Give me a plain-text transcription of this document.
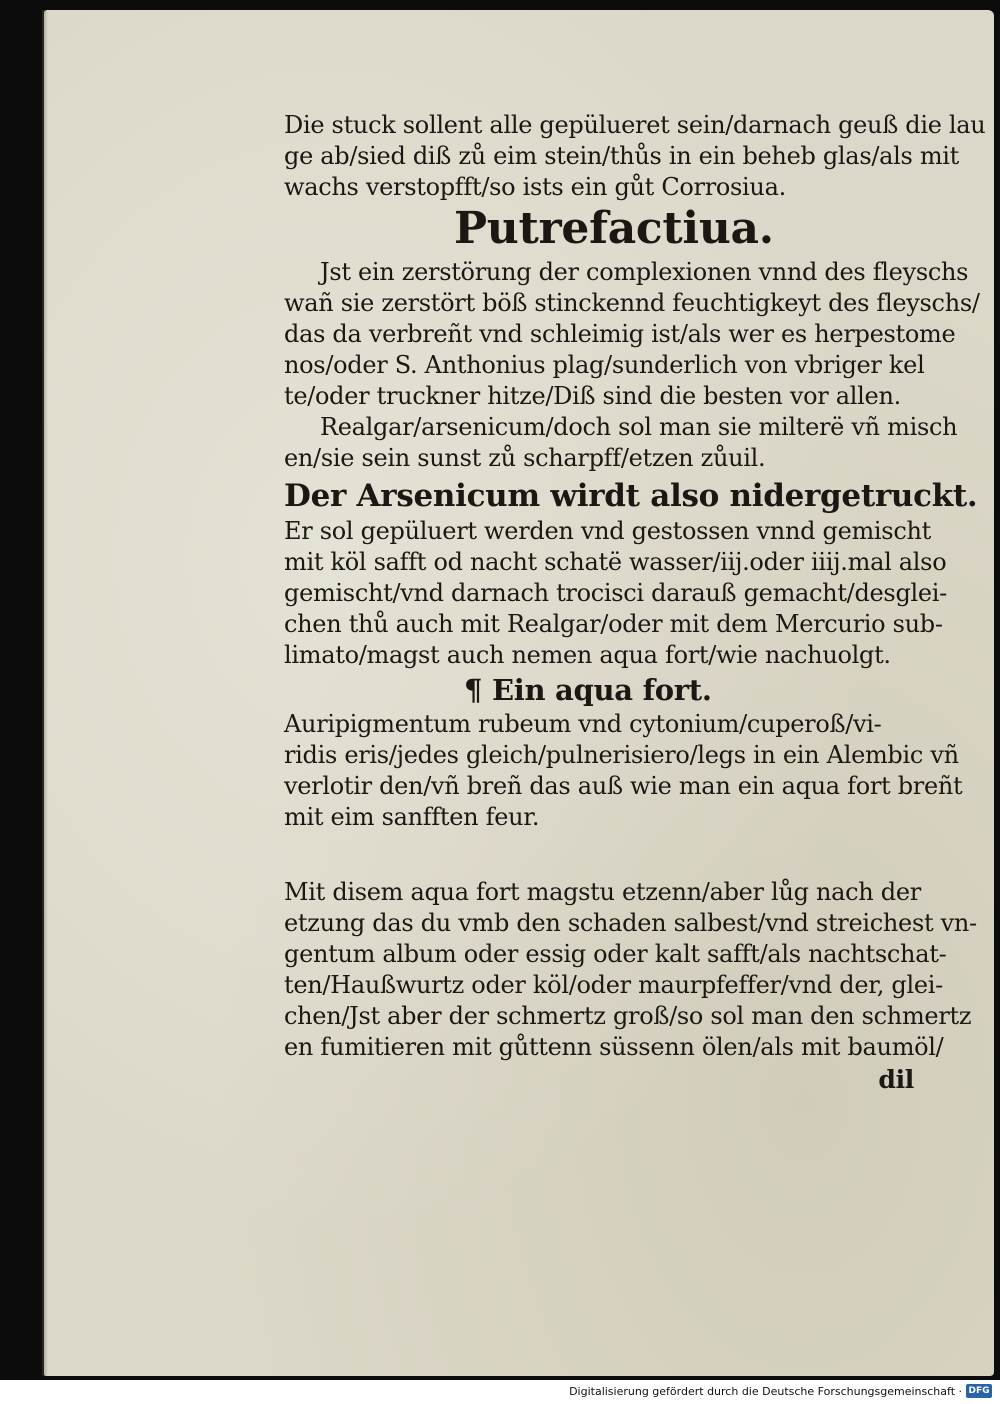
Die stuck sollent alle gepülueret sein/darnach geuß die lau

ge ab/sied diß zů eim stein/thůs in ein beheb glas/als mit

wachs verstopfft/so ists ein gůt Corrosiua.

Putrefactiua.

Jst ein zerstörung der complexionen vnnd des fleyschs

wañ sie zerstört böß stinckennd feuchtigkeyt des fleyschs/

das da verbreñt vnd schleimig ist/als wer es herpestome

nos/oder S. Anthonius plag/sunderlich von vbriger kel

te/oder truckner hitze/Diß sind die besten vor allen.

Realgar/arsenicum/doch sol man sie milterë vñ misch

en/sie sein sunst zů scharpff/etzen zůuil.

Der Arsenicum wirdt also nidergetruckt.

Er sol gepüluert werden vnd gestossen vnnd gemischt

mit köl safft od nacht schatë wasser/iij.oder iiij.mal also

gemischt/vnd darnach trocisci darauß gemacht/desglei-

chen thů auch mit Realgar/oder mit dem Mercurio sub-

limato/magst auch nemen aqua fort/wie nachuolgt.

¶ Ein aqua fort.

Auripigmentum rubeum vnd cytonium/cuperoß/vi-

ridis eris/jedes gleich/pulnerisiero/legs in ein Alembic vñ

verlotir den/vñ breñ das auß wie man ein aqua fort breñt

mit eim sanfften feur.

Mit disem aqua fort magstu etzenn/aber lůg nach der

etzung das du vmb den schaden salbest/vnd streichest vn-

gentum album oder essig oder kalt safft/als nachtschat-

ten/Haußwurtz oder köl/oder maurpfeffer/vnd der, glei-

chen/Jst aber der schmertz groß/so sol man den schmertz

en fumitieren mit gůttenn süssenn ölen/als mit baumöl/

dil

Digitalisierung gefördert durch die Deutsche Forschungsgemeinschaft · DFG
